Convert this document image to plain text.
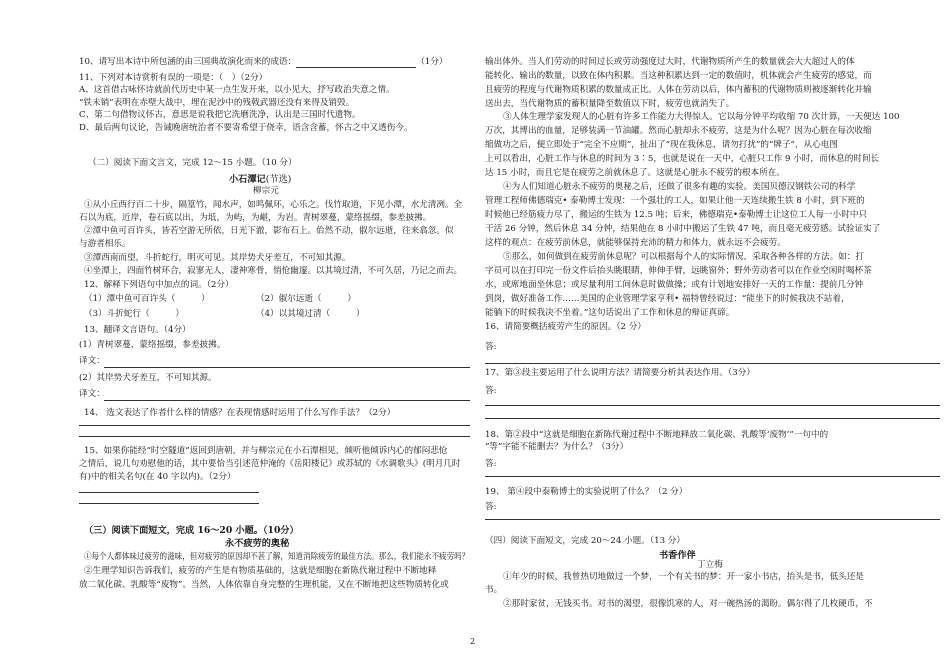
10、请写出本诗中所包涵的由三国典故演化而来的成语：	（1分）
11、下列对本诗赏析有误的一项是：（　）（2分）
A、这首借古咏怀诗就前代历史中某一点生发开来，以小见大，抒写政治失意之情。
“铁未销”表明在赤壁大战中，埋在泥沙中的残戟武器还没有来得及销毁。
C、第二句借物议怀古，意思是说我把它洗磨洗净，认出是三国时代遗物。
D、最后两句议论，告诫晚唐统治者不要寄希望于侥幸，语含含蓄，怀古之中又透伤今。
（二）阅读下面文言文，完成 12～15 小题。（10 分）
小石潭记(节选)
柳宗元
①从小丘西行百二十步，隔篁竹，闻水声，如鸣佩环，心乐之。伐竹取道，下见小潭，水尤清冽。全
石以为底，近岸，卷石底以出，为坻，为屿，为嵁，为岩。青树翠蔓，蒙络摇缀，参差披拂。
②潭中鱼可百许头，皆若空游无所依，日光下澈，影布石上。佁然不动，俶尔远逝，往来翕忽。似
与游者相乐。
③潭西南而望，斗折蛇行，明灭可见。其岸势犬牙差互，不可知其源。
④坐潭上，四面竹树环合，寂寥无人，凄神寒骨，悄怆幽邃。以其境过清，不可久居，乃记之而去。
12、解释下列语句中加点的词。（2分）
（1）潭中鱼可百许头（　　　）	（2）俶尔远逝（　　　）
（3）斗折蛇行（　　　）	（4）以其境过清（　　　）
13、翻译文言语句。（4分）
(1）青树翠蔓，蒙络摇缀，参差披拂。
译文：
(2）其岸势犬牙差互，不可知其源。
译文：
14、 选文表达了作者什么样的情感？在表现情感时运用了什么写作手法？（2分）
15、如果你能经“时空隧道”返回到唐朝，并与柳宗元在小石潭相见，倾听他倾诉内心的郁闷悲怆
之情后，说几句劝慰他的话，其中要恰当引述范仲淹的《岳阳楼记》或苏轼的《水调歌头》(明月几时
有)中的相关名句(在 40 字以内)。（2分）
（三）阅读下面短文，完成 16～20 小题。（10分）
永不疲劳的奥秘
①每个人都体味过疲劳的滋味，但对疲劳的原因却不甚了解，知道消除疲劳的最佳方法。那么，我们能永不疲劳吗？
②生理学知识告诉我们，疲劳的产生是有物质基础的，这就是细胞在新陈代谢过程中不断地释
放二氧化碳、乳酸等“废物”。当然，人体依靠自身完整的生理机能，又在不断地把这些物质转化或
输出体外。当人们劳动的时间过长或劳动强度过大时，代谢物质所产生的数量就会大大超过人的体
能转化、输出的数量，以致在体内积累。当这种积累达到一定的数值时，机体就会产生疲劳的感觉，而
且疲劳的程度与代谢物质积累的数量成正比。人体在劳动以后，体内蓄积的代谢物质则被逐渐转化并输
送出去，当代谢物质的蓄积量降至数值以下时，疲劳也就消失了。
③人体生理学家发现人的心脏有许多工作能力大得惊人。它以每分钟平均收缩 70 次计算，一天便达 100
万次，其博出的血量，足够装满一节油罐。然而心脏却永不疲劳，这是为什么呢？因为心脏在每次收缩
缩做功之后，便立即处于“完全不应期”，扯出了“现在我休息，请勿打扰”的“牌子”，从心电图
上可以看出，心脏工作与休息的时间为 3∶5，也就是说在一天中，心脏只工作 9 小时，而休息的时间长
达 15 小时，而且它是在疲劳之前就休息了。这就是心脏永不疲劳的根本所在。
④为人们知道心脏永不疲劳的奥秘之后，还做了很多有趣的实验。美国贝德汉钢铁公司的科学
管理工程师佛德瑞克• 泰勒博士发现：一个强壮的工人，如果让他一天连续搬生铁 8 小时，到下班的
时候他已经筋疲力尽了，搬运的生铁为 12.5 吨；后来，佛德瑞克•泰勒博士让这位工人每一小时中只
干活 26 分钟，然后休息 34 分钟，结果他在 8 小时中搬运了生铁 47 吨，而且毫无疲劳感。试验证实了
这样的观点：在疲劳前休息，就能够保持充沛的精力和体力，就永远不会疲劳。
⑤那么，如何做到在疲劳前休息呢？可以根据每个人的实际情况，采取各种各样的方法。如：打
字员可以在打印完一份文件后抬头眺眼睛，伸伸手臂，远眺窗外；野外劳动者可以在作业空闲时喝杯茶
水，或席地面坐休息；或尽量利用工间休息时做做操；或有计划地安排好一天的工作量：提前几分钟
到岗，做好准备工作……美国的企业管理学家亨利• 福特曾经说过：“能坐下的时候我决不站着，
能躺下的时候我决不坐着。”这句话说出了工作和休息的辩证真谛。
16、请简要概括疲劳产生的原因。（2 分）
答:
17、第③段主要运用了什么说明方法？请简要分析其表达作用。（3分）
答:
18、第②段中“这就是细胞在新陈代谢过程中不断地释放二氧化碳、乳酸等‘废物’”一句中的
“等”字能不能删去？为什么？（3分）
答:
19、 第④段中泰勒博士的实验说明了什么？（2 分）
答:
（四）阅读下面短文，完成 20～24 小题。（13 分）
书香作伴
丁立梅
①年少的时候，我曾热切地做过一个梦，一个有关书的梦：开一家小书店，抬头是书，低头还是
书。
②那时家贫，无钱买书。对书的渴望，很像饥寒的人，对一碗热汤的渴盼。偶尔得了几枚硬币，不
2
